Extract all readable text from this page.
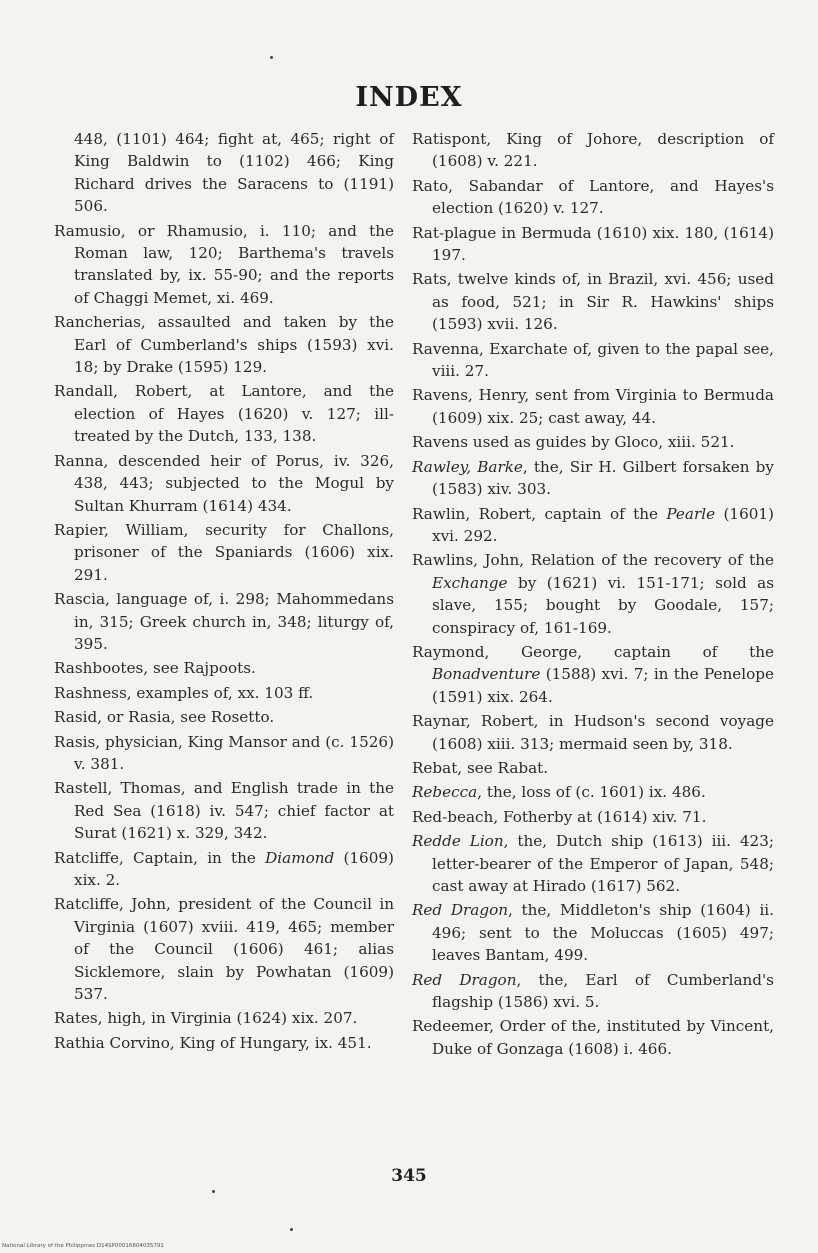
INDEX

448, (1101) 464; fight at, 465; right of King Baldwin to (1102) 466; King Richard drives the Saracens to (1191) 506.

Ramusio, or Rhamusio, i. 110; and the Roman law, 120; Barthema's travels translated by, ix. 55-90; and the reports of Chaggi Memet, xi. 469.

Rancherias, assaulted and taken by the Earl of Cumberland's ships (1593) xvi. 18; by Drake (1595) 129.

Randall, Robert, at Lantore, and the election of Hayes (1620) v. 127; ill-treated by the Dutch, 133, 138.

Ranna, descended heir of Porus, iv. 326, 438, 443; subjected to the Mogul by Sultan Khurram (1614) 434.

Rapier, William, security for Challons, prisoner of the Spaniards (1606) xix. 291.

Rascia, language of, i. 298; Mahommedans in, 315; Greek church in, 348; liturgy of, 395.

Rashbootes, see Rajpoots.

Rashness, examples of, xx. 103 ff.

Rasid, or Rasia, see Rosetto.

Rasis, physician, King Mansor and (c. 1526) v. 381.

Rastell, Thomas, and English trade in the Red Sea (1618) iv. 547; chief factor at Surat (1621) x. 329, 342.

Ratcliffe, Captain, in the Diamond (1609) xix. 2.

Ratcliffe, John, president of the Council in Virginia (1607) xviii. 419, 465; member of the Council (1606) 461; alias Sicklemore, slain by Powhatan (1609) 537.

Rates, high, in Virginia (1624) xix. 207.

Rathia Corvino, King of Hungary, ix. 451.

Ratispont, King of Johore, description of (1608) v. 221.

Rato, Sabandar of Lantore, and Hayes's election (1620) v. 127.

Rat-plague in Bermuda (1610) xix. 180, (1614) 197.

Rats, twelve kinds of, in Brazil, xvi. 456; used as food, 521; in Sir R. Hawkins' ships (1593) xvii. 126.

Ravenna, Exarchate of, given to the papal see, viii. 27.

Ravens, Henry, sent from Virginia to Bermuda (1609) xix. 25; cast away, 44.

Ravens used as guides by Gloco, xiii. 521.

Rawley, Barke, the, Sir H. Gilbert forsaken by (1583) xiv. 303.

Rawlin, Robert, captain of the Pearle (1601) xvi. 292.

Rawlins, John, Relation of the recovery of the Exchange by (1621) vi. 151-171; sold as slave, 155; bought by Goodale, 157; conspiracy of, 161-169.

Raymond, George, captain of the Bonadventure (1588) xvi. 7; in the Penelope (1591) xix. 264.

Raynar, Robert, in Hudson's second voyage (1608) xiii. 313; mermaid seen by, 318.

Rebat, see Rabat.

Rebecca, the, loss of (c. 1601) ix. 486.

Red-beach, Fotherby at (1614) xiv. 71.

Redde Lion, the, Dutch ship (1613) iii. 423; letter-bearer of the Emperor of Japan, 548; cast away at Hirado (1617) 562.

Red Dragon, the, Middleton's ship (1604) ii. 496; sent to the Moluccas (1605) 497; leaves Bantam, 499.

Red Dragon, the, Earl of Cumberland's flagship (1586) xvi. 5.

Redeemer, Order of the, instituted by Vincent, Duke of Gonzaga (1608) i. 466.

345
National Library of the Philippines D14SP00016804035791
